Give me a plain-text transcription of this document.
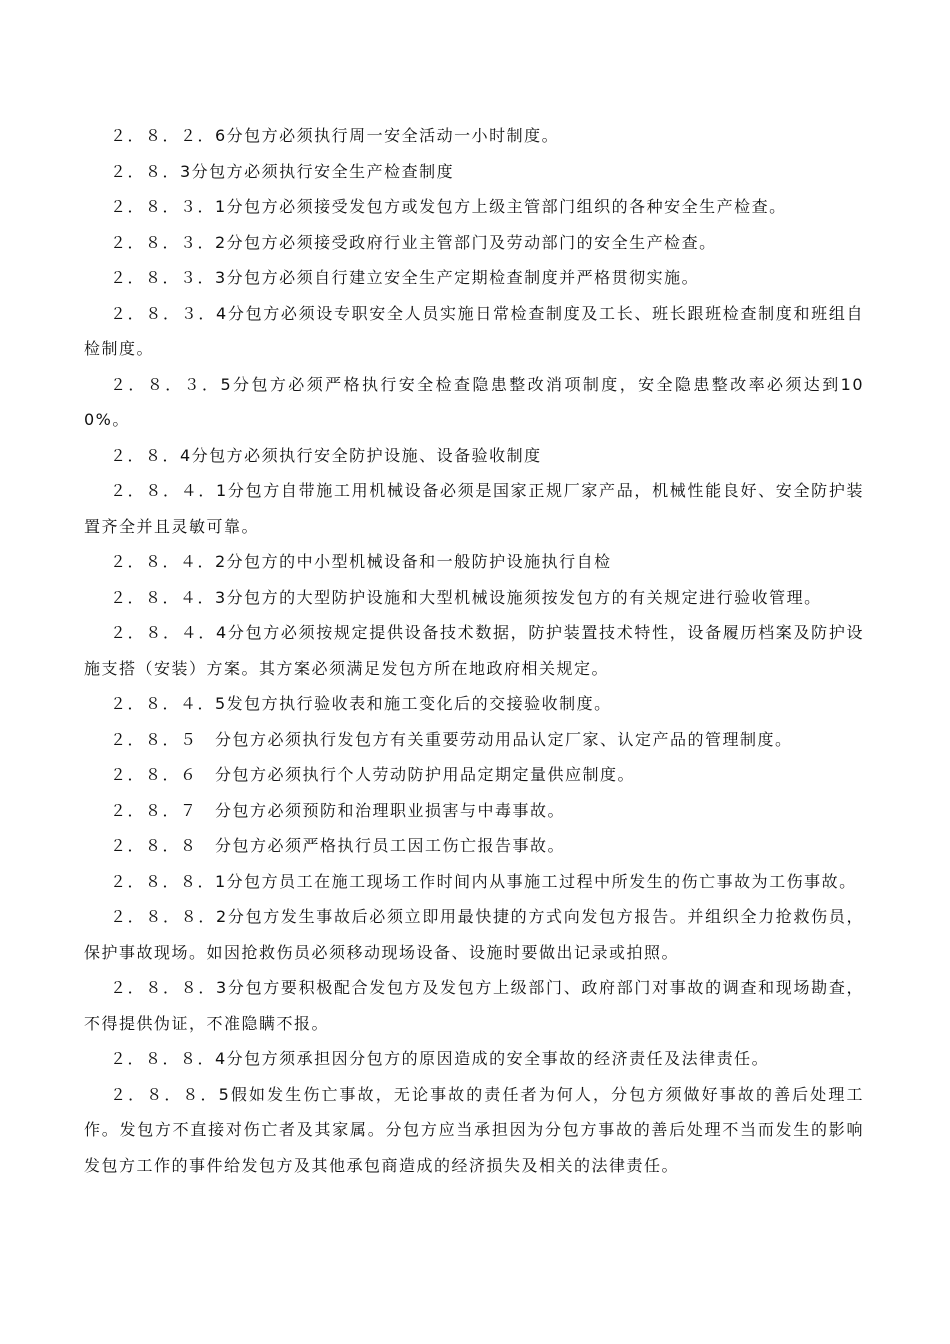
２．８．２．6分包方必须执行周一安全活动一小时制度。

２．８．3分包方必须执行安全生产检查制度

２．８．３．1分包方必须接受发包方或发包方上级主管部门组织的各种安全生产检查。

２．８．３．2分包方必须接受政府行业主管部门及劳动部门的安全生产检查。

２．８．３．3分包方必须自行建立安全生产定期检查制度并严格贯彻实施。

２．８．３．4分包方必须设专职安全人员实施日常检查制度及工长、班长跟班检查制度和班组自检制度。

２．８．３．5分包方必须严格执行安全检查隐患整改消项制度，安全隐患整改率必须达到100%。

２．８．4分包方必须执行安全防护设施、设备验收制度

２．８．４．1分包方自带施工用机械设备必须是国家正规厂家产品，机械性能良好、安全防护装置齐全并且灵敏可靠。

２．８．４．2分包方的中小型机械设备和一般防护设施执行自检

２．８．４．3分包方的大型防护设施和大型机械设施须按发包方的有关规定进行验收管理。

２．８．４．4分包方必须按规定提供设备技术数据，防护装置技术特性，设备履历档案及防护设施支搭（安装）方案。其方案必须满足发包方所在地政府相关规定。

２．８．４．5发包方执行验收表和施工变化后的交接验收制度。

２．８．５　分包方必须执行发包方有关重要劳动用品认定厂家、认定产品的管理制度。

２．８．６　分包方必须执行个人劳动防护用品定期定量供应制度。

２．８．７　分包方必须预防和治理职业损害与中毒事故。

２．８．８　分包方必须严格执行员工因工伤亡报告事故。

２．８．８．1分包方员工在施工现场工作时间内从事施工过程中所发生的伤亡事故为工伤事故。

２．８．８．2分包方发生事故后必须立即用最快捷的方式向发包方报告。并组织全力抢救伤员，保护事故现场。如因抢救伤员必须移动现场设备、设施时要做出记录或拍照。

２．８．８．3分包方要积极配合发包方及发包方上级部门、政府部门对事故的调查和现场勘查，不得提供伪证，不准隐瞒不报。

２．８．８．4分包方须承担因分包方的原因造成的安全事故的经济责任及法律责任。

２．８．８．5假如发生伤亡事故，无论事故的责任者为何人，分包方须做好事故的善后处理工作。发包方不直接对伤亡者及其家属。分包方应当承担因为分包方事故的善后处理不当而发生的影响发包方工作的事件给发包方及其他承包商造成的经济损失及相关的法律责任。
